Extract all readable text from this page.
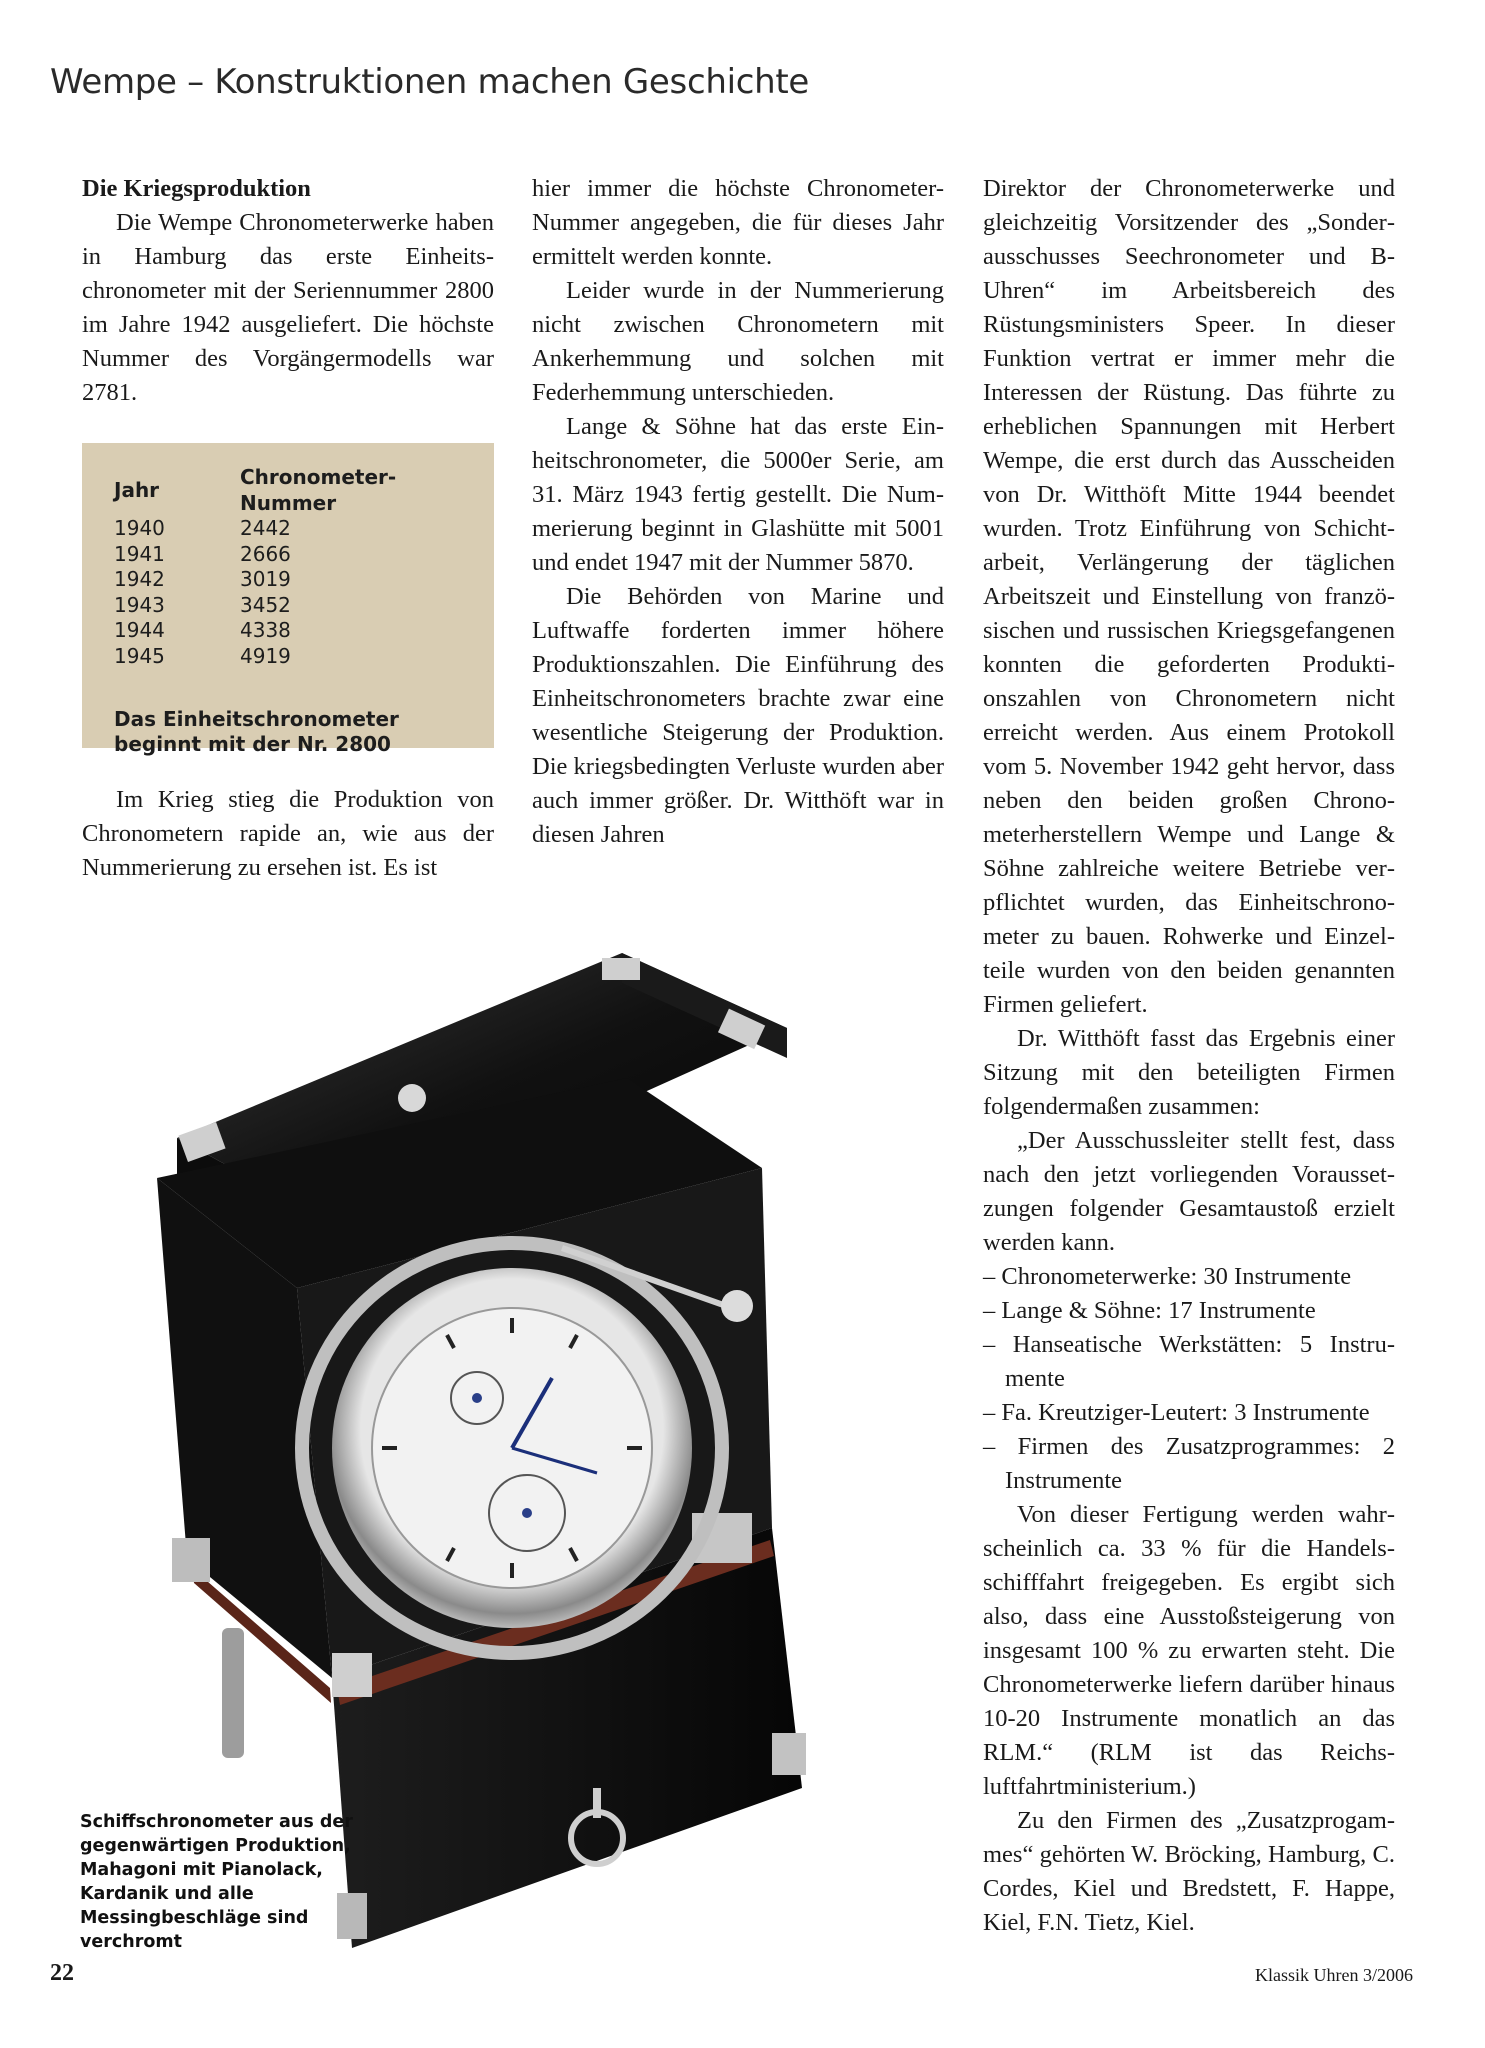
Wempe – Konstruktionen machen Geschichte

Die Kriegsproduktion

Die Wempe Chronometerwerke haben in Hamburg das erste Einheitschronometer mit der Seriennummer 2800 im Jahre 1942 ausgeliefert. Die höchste Nummer des Vorgängermodells war 2781.

Jahr	Chronometer-Nummer
1940	2442
1941	2666
1942	3019
1943	3452
1944	4338
1945	4919
Das Einheitschronometer beginnt mit der Nr. 2800

Im Krieg stieg die Produktion von Chronometern rapide an, wie aus der Nummerierung zu ersehen ist. Es ist

hier immer die höchste Chronometer-Nummer angegeben, die für dieses Jahr ermittelt werden konnte.

Leider wurde in der Nummerierung nicht zwischen Chronometern mit Ankerhemmung und solchen mit Federhemmung unterschieden.

Lange & Söhne hat das erste Einheitschronometer, die 5000er Serie, am 31. März 1943 fertig gestellt. Die Nummerierung beginnt in Glashütte mit 5001 und endet 1947 mit der Nummer 5870.

Die Behörden von Marine und Luftwaffe forderten immer höhere Produktionszahlen. Die Einführung des Einheitschronometers brachte zwar eine wesentliche Steigerung der Produktion. Die kriegsbedingten Verluste wurden aber auch immer größer. Dr. Witthöft war in diesen Jahren

Direktor der Chronometerwerke und gleichzeitig Vorsitzender des „Sonderausschusses Seechronometer und B-Uhren“ im Arbeitsbereich des Rüstungsministers Speer. In dieser Funktion vertrat er immer mehr die Interessen der Rüstung. Das führte zu erheblichen Spannungen mit Herbert Wempe, die erst durch das Ausscheiden von Dr. Witthöft Mitte 1944 beendet wurden. Trotz Einführung von Schichtarbeit, Verlängerung der täglichen Arbeitszeit und Einstellung von französischen und russischen Kriegsgefangenen konnten die geforderten Produktionszahlen von Chronometern nicht erreicht werden. Aus einem Protokoll vom 5. November 1942 geht hervor, dass neben den beiden großen Chronometerherstellern Wempe und Lange & Söhne zahlreiche weitere Betriebe verpflichtet wurden, das Einheitschronometer zu bauen. Rohwerke und Einzelteile wurden von den beiden genannten Firmen geliefert.

Dr. Witthöft fasst das Ergebnis einer Sitzung mit den beteiligten Firmen folgendermaßen zusammen:

„Der Ausschussleiter stellt fest, dass nach den jetzt vorliegenden Voraussetzungen folgender Gesamtaustoß erzielt werden kann.

– Chronometerwerke: 30 Instrumente

– Lange & Söhne: 17 Instrumente

– Hanseatische Werkstätten: 5 Instrumente

– Fa. Kreutziger-Leutert: 3 Instrumente

– Firmen des Zusatzprogrammes: 2 Instrumente

Von dieser Fertigung werden wahrscheinlich ca. 33 % für die Handelsschifffahrt freigegeben. Es ergibt sich also, dass eine Ausstoßsteigerung von insgesamt 100 % zu erwarten steht. Die Chronometerwerke liefern darüber hinaus 10-20 Instrumente monatlich an das RLM.“ (RLM ist das Reichsluftfahrtministerium.)

Zu den Firmen des „Zusatzprogammes“ gehörten W. Bröcking, Hamburg, C. Cordes, Kiel und Bredstett, F. Happe, Kiel, F.N. Tietz, Kiel.

Schiffschronometer aus der gegenwärtigen Produktion, Mahagoni mit Pianolack, Kardanik und alle Messingbeschläge sind verchromt
22	Klassik Uhren 3/2006
